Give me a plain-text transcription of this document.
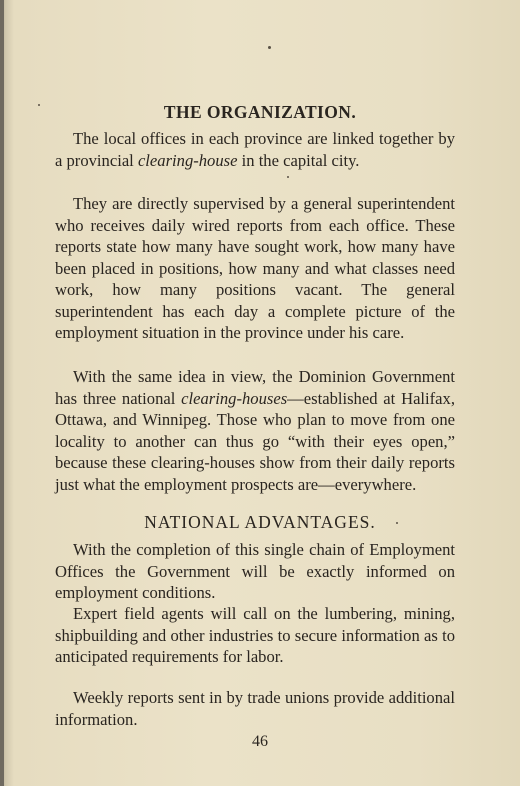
THE ORGANIZATION.

The local offices in each province are linked together by a provincial clearing-house in the capital city.

They are directly supervised by a general superintendent who receives daily wired reports from each office. These reports state how many have sought work, how many have been placed in positions, how many and what classes need work, how many positions vacant. The general superintendent has each day a complete picture of the employment situation in the province under his care.

With the same idea in view, the Dominion Government has three national clearing-houses—established at Halifax, Ottawa, and Winnipeg. Those who plan to move from one locality to another can thus go “with their eyes open,” because these clearing-houses show from their daily reports just what the employment prospects are—everywhere.

NATIONAL ADVANTAGES.

With the completion of this single chain of Employment Offices the Government will be exactly informed on employment conditions.

Expert field agents will call on the lumbering, mining, shipbuilding and other industries to secure information as to anticipated requirements for labor.

Weekly reports sent in by trade unions provide additional information.

46
